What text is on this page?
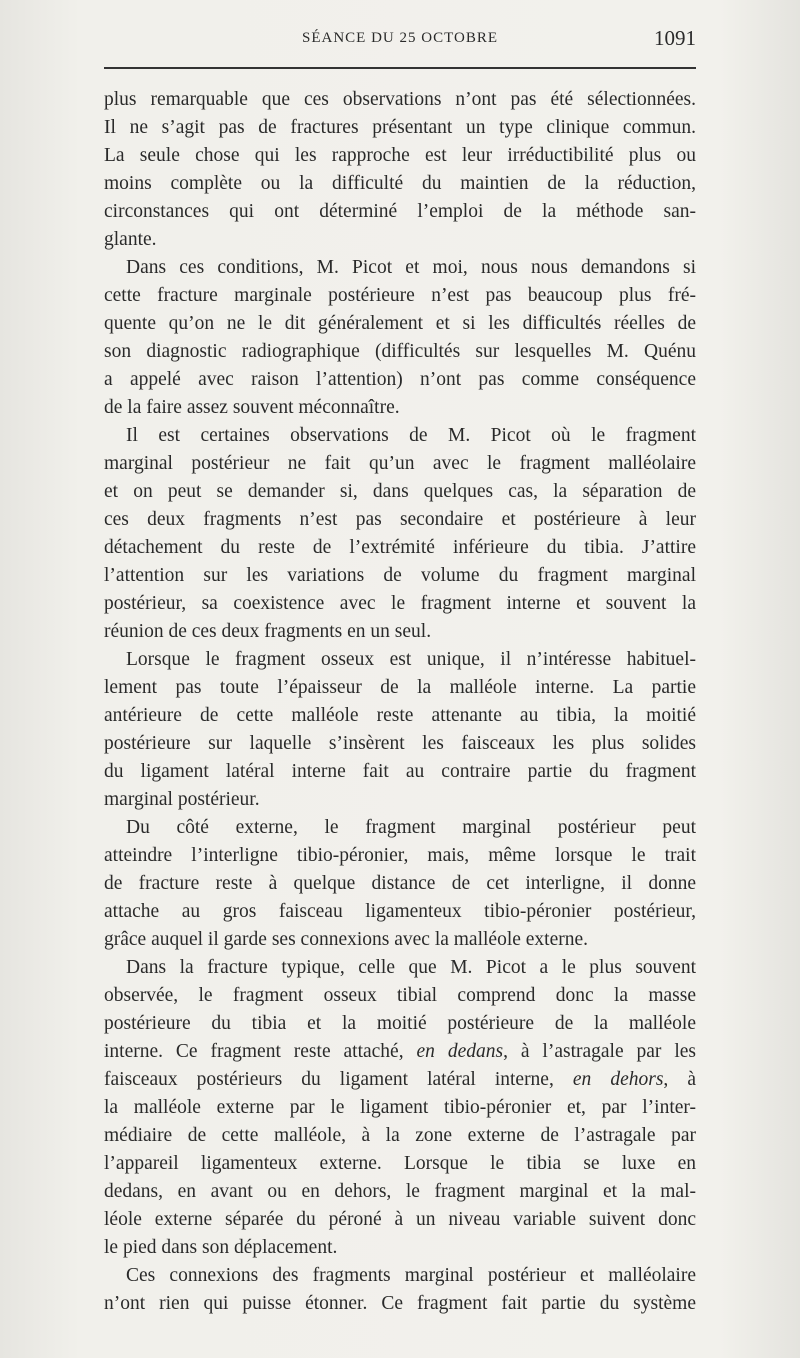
SÉANCE DU 25 OCTOBRE	1091
plus remarquable que ces observations n’ont pas été sélectionnées.
Il ne s’agit pas de fractures présentant un type clinique commun.
La seule chose qui les rapproche est leur irréductibilité plus ou
moins complète ou la difficulté du maintien de la réduction,
circonstances qui ont déterminé l’emploi de la méthode san-
glante.
Dans ces conditions, M. Picot et moi, nous nous demandons si
cette fracture marginale postérieure n’est pas beaucoup plus fré-
quente qu’on ne le dit généralement et si les difficultés réelles de
son diagnostic radiographique (difficultés sur lesquelles M. Quénu
a appelé avec raison l’attention) n’ont pas comme conséquence
de la faire assez souvent méconnaître.
Il est certaines observations de M. Picot où le fragment
marginal postérieur ne fait qu’un avec le fragment malléolaire
et on peut se demander si, dans quelques cas, la séparation de
ces deux fragments n’est pas secondaire et postérieure à leur
détachement du reste de l’extrémité inférieure du tibia. J’attire
l’attention sur les variations de volume du fragment marginal
postérieur, sa coexistence avec le fragment interne et souvent la
réunion de ces deux fragments en un seul.
Lorsque le fragment osseux est unique, il n’intéresse habituel-
lement pas toute l’épaisseur de la malléole interne. La partie
antérieure de cette malléole reste attenante au tibia, la moitié
postérieure sur laquelle s’insèrent les faisceaux les plus solides
du ligament latéral interne fait au contraire partie du fragment
marginal postérieur.
Du côté externe, le fragment marginal postérieur peut
atteindre l’interligne tibio-péronier, mais, même lorsque le trait
de fracture reste à quelque distance de cet interligne, il donne
attache au gros faisceau ligamenteux tibio-péronier postérieur,
grâce auquel il garde ses connexions avec la malléole externe.
Dans la fracture typique, celle que M. Picot a le plus souvent
observée, le fragment osseux tibial comprend donc la masse
postérieure du tibia et la moitié postérieure de la malléole
interne. Ce fragment reste attaché, en dedans, à l’astragale par les
faisceaux postérieurs du ligament latéral interne, en dehors, à
la malléole externe par le ligament tibio-péronier et, par l’inter-
médiaire de cette malléole, à la zone externe de l’astragale par
l’appareil ligamenteux externe. Lorsque le tibia se luxe en
dedans, en avant ou en dehors, le fragment marginal et la mal-
léole externe séparée du péroné à un niveau variable suivent donc
le pied dans son déplacement.
Ces connexions des fragments marginal postérieur et malléolaire
n’ont rien qui puisse étonner. Ce fragment fait partie du système
